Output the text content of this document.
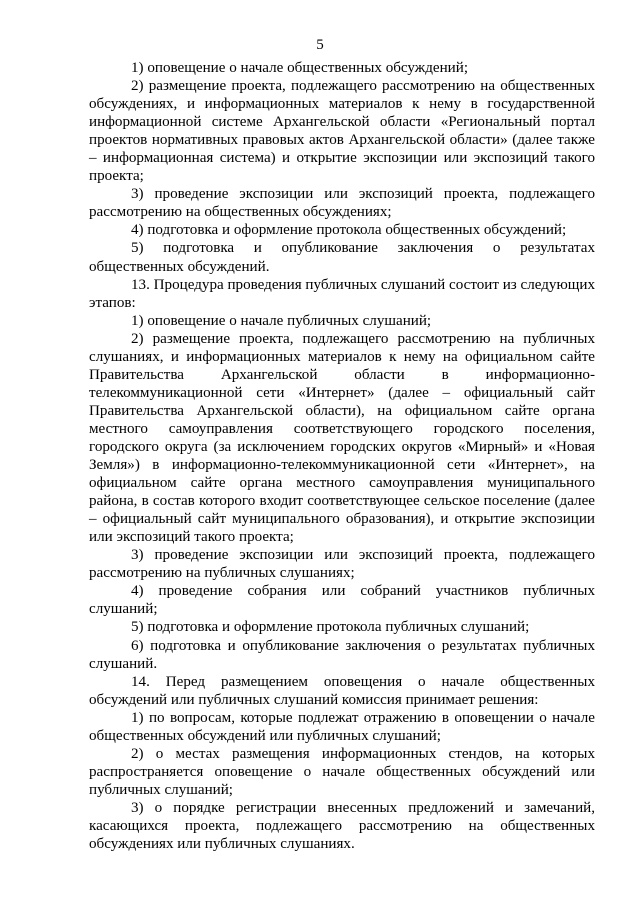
5

1) оповещение о начале общественных обсуждений;

2) размещение проекта, подлежащего рассмотрению на общественных обсуждениях, и информационных материалов к нему в государственной информационной системе Архангельской области «Региональный портал проектов нормативных правовых актов Архангельской области» (далее также – информационная система) и открытие экспозиции или экспозиций такого проекта;

3) проведение экспозиции или экспозиций проекта, подлежащего рассмотрению на общественных обсуждениях;

4) подготовка и оформление протокола общественных обсуждений;

5) подготовка и опубликование заключения о результатах общественных обсуждений.

13. Процедура проведения публичных слушаний состоит из следующих этапов:

1) оповещение о начале публичных слушаний;

2) размещение проекта, подлежащего рассмотрению на публичных слушаниях, и информационных материалов к нему на официальном сайте Правительства Архангельской области в информационно-телекоммуникационной сети «Интернет» (далее – официальный сайт Правительства Архангельской области), на официальном сайте органа местного самоуправления соответствующего городского поселения, городского округа (за исключением городских округов «Мирный» и «Новая Земля») в информационно-телекоммуникационной сети «Интернет», на официальном сайте органа местного самоуправления муниципального района, в состав которого входит соответствующее сельское поселение (далее – официальный сайт муниципального образования), и открытие экспозиции или экспозиций такого проекта;

3) проведение экспозиции или экспозиций проекта, подлежащего рассмотрению на публичных слушаниях;

4) проведение собрания или собраний участников публичных слушаний;

5) подготовка и оформление протокола публичных слушаний;

6) подготовка и опубликование заключения о результатах публичных слушаний.

14. Перед размещением оповещения о начале общественных обсуждений или публичных слушаний комиссия принимает решения:

1) по вопросам, которые подлежат отражению в оповещении о начале общественных обсуждений или публичных слушаний;

2) о местах размещения информационных стендов, на которых распространяется оповещение о начале общественных обсуждений или публичных слушаний;

3) о порядке регистрации внесенных предложений и замечаний, касающихся проекта, подлежащего рассмотрению на общественных обсуждениях или публичных слушаниях.
